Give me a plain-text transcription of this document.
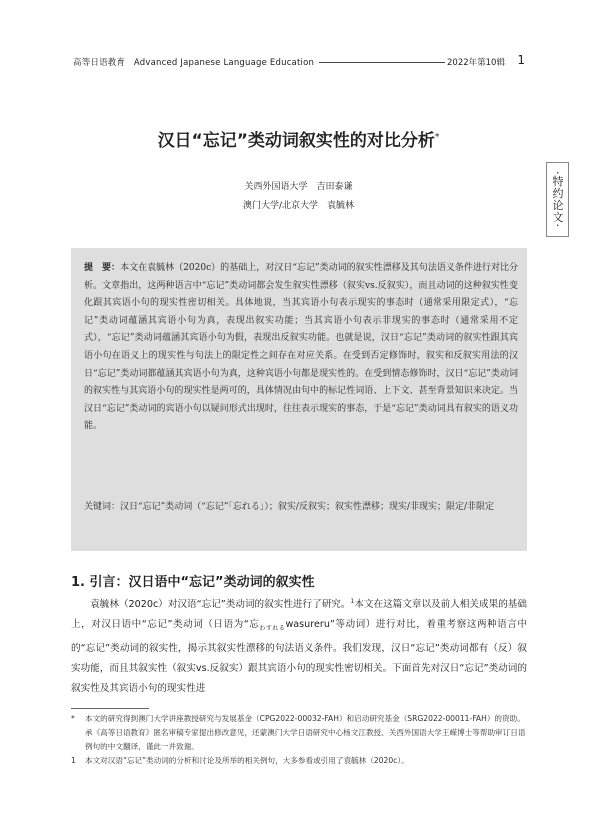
高等日语教育　Advanced Japanese Language Education	2022年第10辑 1
·特约论文·
汉日“忘记”类动词叙实性的对比分析*
关西外国语大学　吉田泰谦
澳门大学/北京大学　袁毓林

提　要：本文在袁毓林（2020c）的基础上，对汉日“忘记”类动词的叙实性漂移及其句法语义条件进行对比分析。文章指出，这两种语言中“忘记”类动词都会发生叙实性漂移（叙实vs.反叙实），而且动词的这种叙实性变化跟其宾语小句的现实性密切相关。具体地说，当其宾语小句表示现实的事态时（通常采用限定式），“忘记”类动词蕴涵其宾语小句为真，表现出叙实功能；当其宾语小句表示非现实的事态时（通常采用不定式），“忘记”类动词蕴涵其宾语小句为假，表现出反叙实功能。也就是说，汉日“忘记”类动词的叙实性跟其宾语小句在语义上的现实性与句法上的限定性之间存在对应关系。在受到否定修饰时，叙实和反叙实用法的汉日“忘记”类动词都蕴涵其宾语小句为真，这种宾语小句都是现实性的。在受到情态修饰时，汉日“忘记”类动词的叙实性与其宾语小句的现实性是两可的，具体情况由句中的标记性词语、上下文、甚至背景知识来决定。当汉日“忘记”类动词的宾语小句以疑问形式出现时，往往表示现实的事态，于是“忘记”类动词具有叙实的语义功能。

关键词：汉日“忘记”类动词（“忘记”「忘れる」）；叙实/反叙实；叙实性漂移；现实/非现实；限定/非限定

1. 引言：汉日语中“忘记”类动词的叙实性

袁毓林（2020c）对汉语“忘记”类动词的叙实性进行了研究。$^1$本文在这篇文章以及前人相关成果的基础上，对汉日语中“忘记”类动词（日语为“忘$_{わすれる}$wasureru”等动词）进行对比，着重考察这两种语言中的“忘记”类动词的叙实性，揭示其叙实性漂移的句法语义条件。我们发现，汉日“忘记”类动词都有（反）叙实功能，而且其叙实性（叙实vs.反叙实）跟其宾语小句的现实性密切相关。下面首先对汉日“忘记”类动词的叙实性及其宾语小句的现实性进

* 本文的研究得到澳门大学讲座教授研究与发展基金（CPG2022-00032-FAH）和启动研究基金（SRG2022-00011-FAH）的资助。承《高等日语教育》匿名审稿专家提出修改意见，还蒙澳门大学日语研究中心杨文江教授、关西外国语大学王嵘博士等帮助审订日语例句的中文翻译，谨此一并致谢。

1 本文对汉语“忘记”类动词的分析和讨论及所举的相关例句，大多参看或引用了袁毓林（2020c）。
